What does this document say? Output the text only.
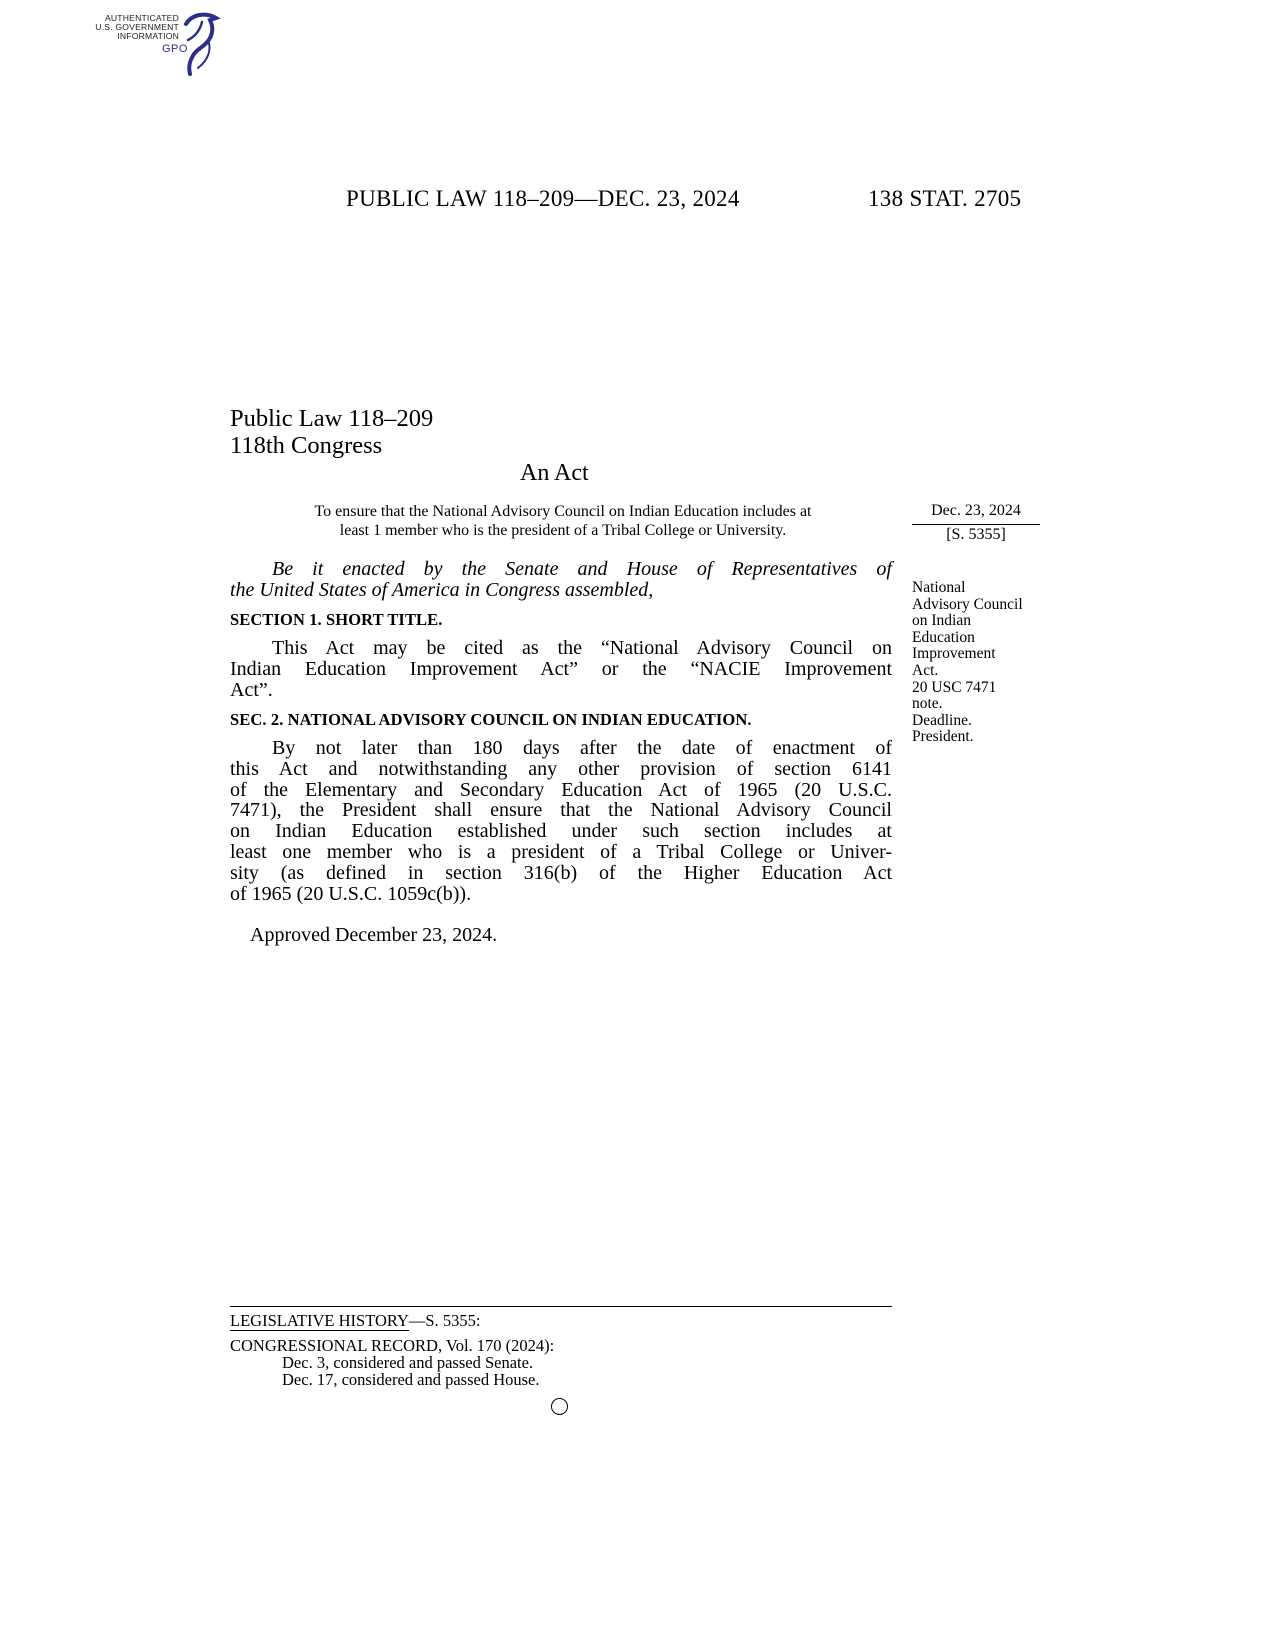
AUTHENTICATED
U.S. GOVERNMENT
INFORMATION
GPO
PUBLIC LAW 118–209—DEC. 23, 2024	138 STAT. 2705
Public Law 118–209
118th Congress
An Act
To ensure that the National Advisory Council on Indian Education includes at
least 1 member who is the president of a Tribal College or University.
Dec. 23, 2024
[S. 5355]
Be it enacted by the Senate and House of Representatives of
the United States of America in Congress assembled,
SECTION 1. SHORT TITLE.
This Act may be cited as the “National Advisory Council on
Indian Education Improvement Act” or the “NACIE Improvement
Act”.
SEC. 2. NATIONAL ADVISORY COUNCIL ON INDIAN EDUCATION.
By not later than 180 days after the date of enactment of
this Act and notwithstanding any other provision of section 6141
of the Elementary and Secondary Education Act of 1965 (20 U.S.C.
7471), the President shall ensure that the National Advisory Council
on Indian Education established under such section includes at
least one member who is a president of a Tribal College or Univer-
sity (as defined in section 316(b) of the Higher Education Act
of 1965 (20 U.S.C. 1059c(b)).
National
Advisory Council
on Indian
Education
Improvement
Act.
20 USC 7471
note.
Deadline.
President.
Approved December 23, 2024.
LEGISLATIVE HISTORY—S. 5355:
CONGRESSIONAL RECORD, Vol. 170 (2024):
Dec. 3, considered and passed Senate.
Dec. 17, considered and passed House.
